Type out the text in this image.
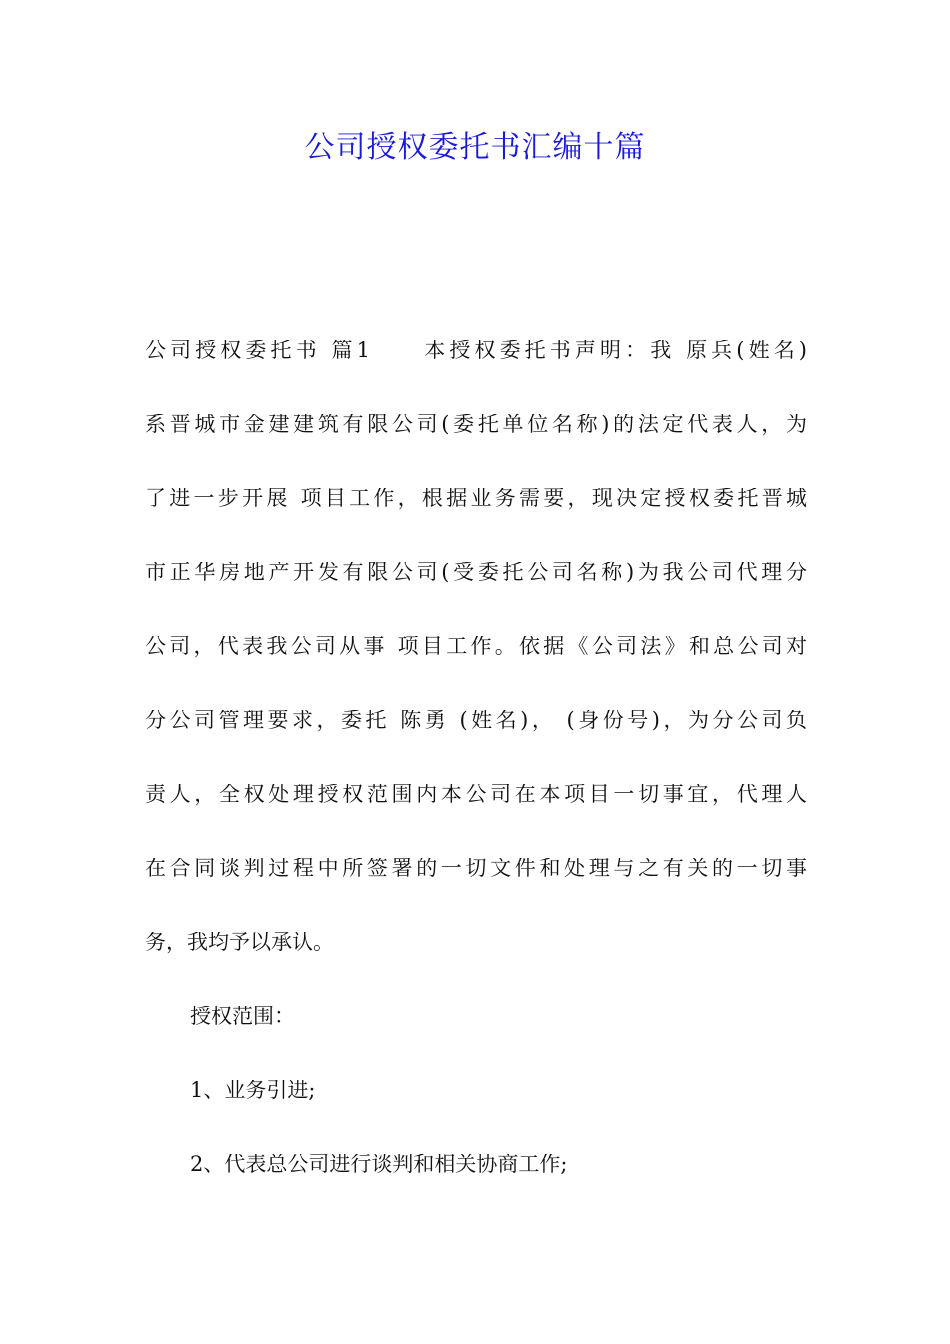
公司授权委托书汇编十篇
公司授权委托书 篇1　　本授权委托书声明：我 原兵(姓名)
系晋城市金建建筑有限公司(委托单位名称)的法定代表人，为
了进一步开展 项目工作，根据业务需要，现决定授权委托晋城
市正华房地产开发有限公司(受委托公司名称)为我公司代理分
公司，代表我公司从事 项目工作。依据《公司法》和总公司对
分公司管理要求，委托 陈勇 (姓名)， (身份号)，为分公司负
责人，全权处理授权范围内本公司在本项目一切事宜，代理人
在合同谈判过程中所签署的一切文件和处理与之有关的一切事
务，我均予以承认。
授权范围：
1、业务引进;
2、代表总公司进行谈判和相关协商工作;
